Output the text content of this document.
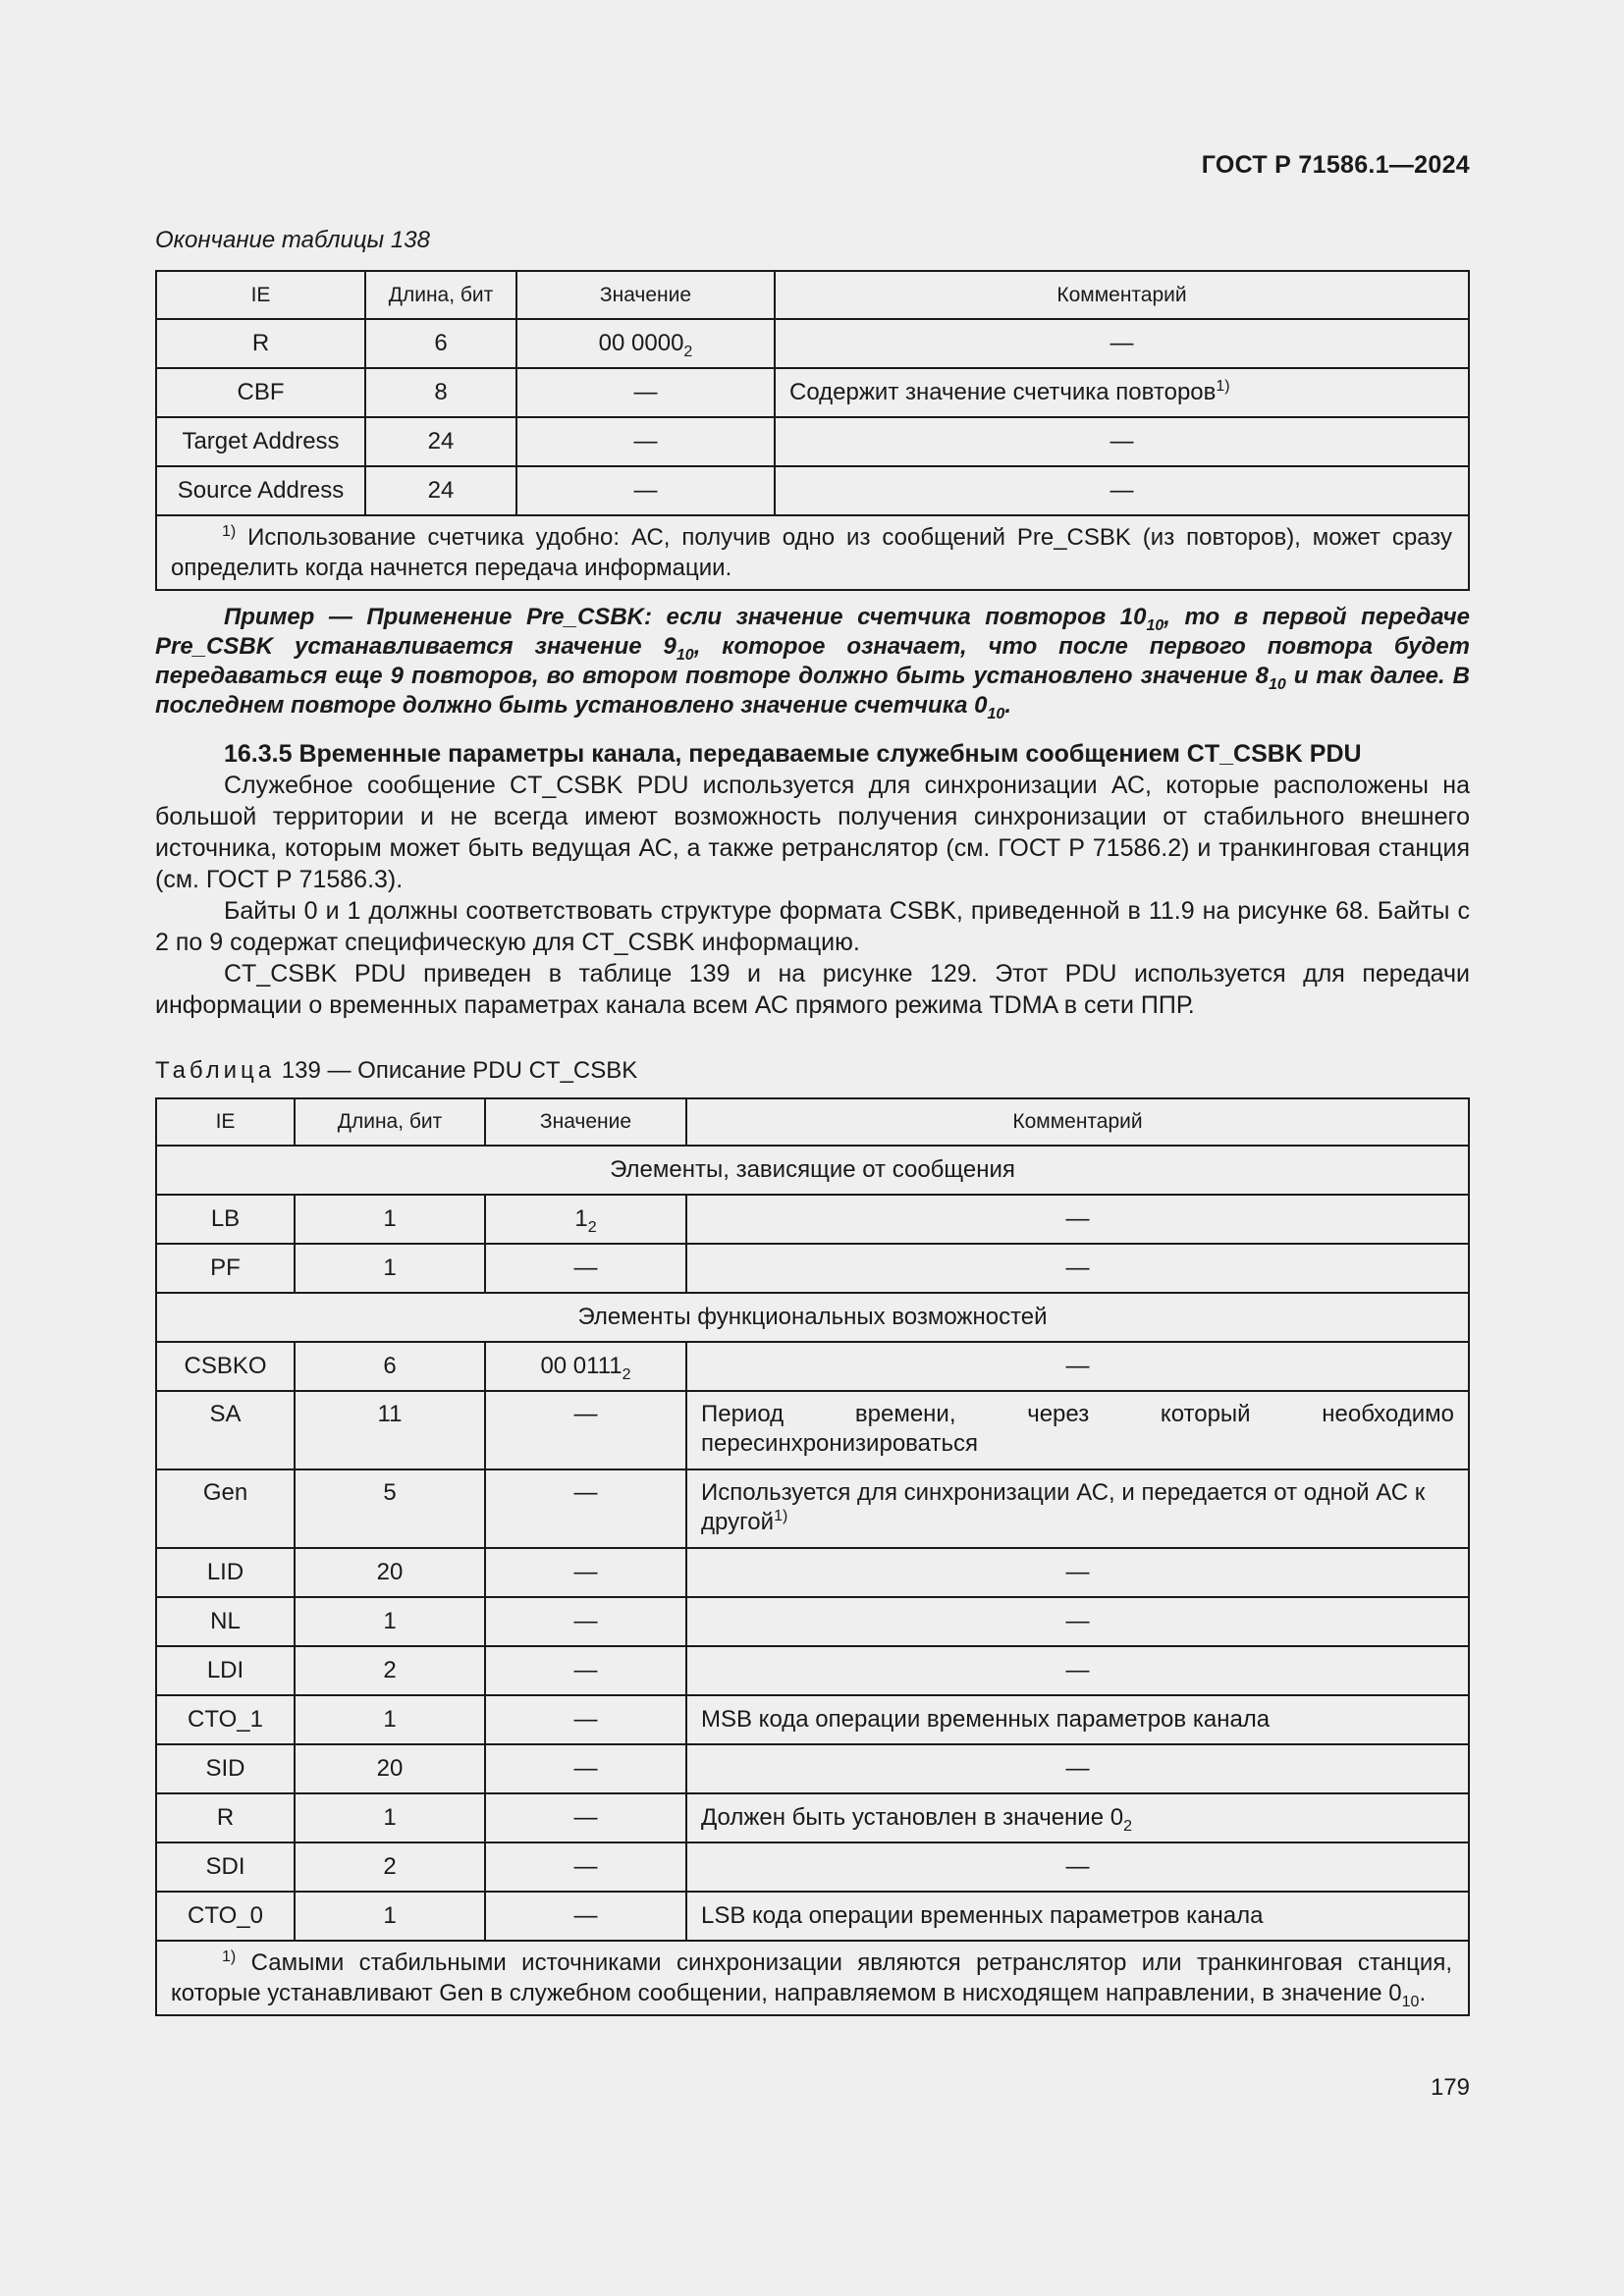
ГОСТ Р 71586.1—2024
Окончание таблицы 138
IE	Длина, бит	Значение	Комментарий
R	6	00 $0000_2$	—
CBF	8	—	Содержит значение счетчика повторов$^{1)}$
Target Address	24	—	—
Source Address	24	—	—
$^{1)}$ Использование счетчика удобно: АС, получив одно из сообщений Pre_CSBK (из повторов), может сразу определить когда начнется передача информации.			
Пример — Применение Pre_CSBK: если значение счетчика повторов $10_{10}$, то в первой передаче Pre_CSBK устанавливается значение $9_{10}$, которое означает, что после первого повтора будет передаваться еще 9 повторов, во втором повторе должно быть установлено значение $8_{10}$ и так далее. В последнем повторе должно быть установлено значение счетчика $0_{10}$.

16.3.5 Временные параметры канала, передаваемые служебным сообщением CT_CSBK PDU

Служебное сообщение CT_CSBK PDU используется для синхронизации АС, которые расположены на большой территории и не всегда имеют возможность получения синхронизации от стабильного внешнего источника, которым может быть ведущая АС, а также ретранслятор (см. ГОСТ Р 71586.2) и транкинговая станция (см. ГОСТ Р 71586.3).

Байты 0 и 1 должны соответствовать структуре формата CSBK, приведенной в 11.9 на рисунке 68. Байты с 2 по 9 содержат специфическую для CT_CSBK информацию.

CT_CSBK PDU приведен в таблице 139 и на рисунке 129. Этот PDU используется для передачи информации о временных параметрах канала всем АС прямого режима TDMA в сети ППР.

Таблица 139 — Описание PDU CT_CSBK
IE	Длина, бит	Значение	Комментарий
Элементы, зависящие от сообщения			
LB	1	$1_2$	—
PF	1	—	—
Элементы функциональных возможностей			
CSBKO	6	00 $0111_2$	—
SA	11	—	Период времени, через который необходимо пересинхронизироваться
Gen	5	—	Используется для синхронизации АС, и передается от одной АС к другой$^{1)}$
LID	20	—	—
NL	1	—	—
LDI	2	—	—
CTO_1	1	—	MSB кода операции временных параметров канала
SID	20	—	—
R	1	—	Должен быть установлен в значение $0_2$
SDI	2	—	—
CTO_0	1	—	LSB кода операции временных параметров канала
$^{1)}$ Самыми стабильными источниками синхронизации являются ретранслятор или транкинговая станция, которые устанавливают Gen в служебном сообщении, направляемом в нисходящем направлении, в значение $0_{10}$.			
179
